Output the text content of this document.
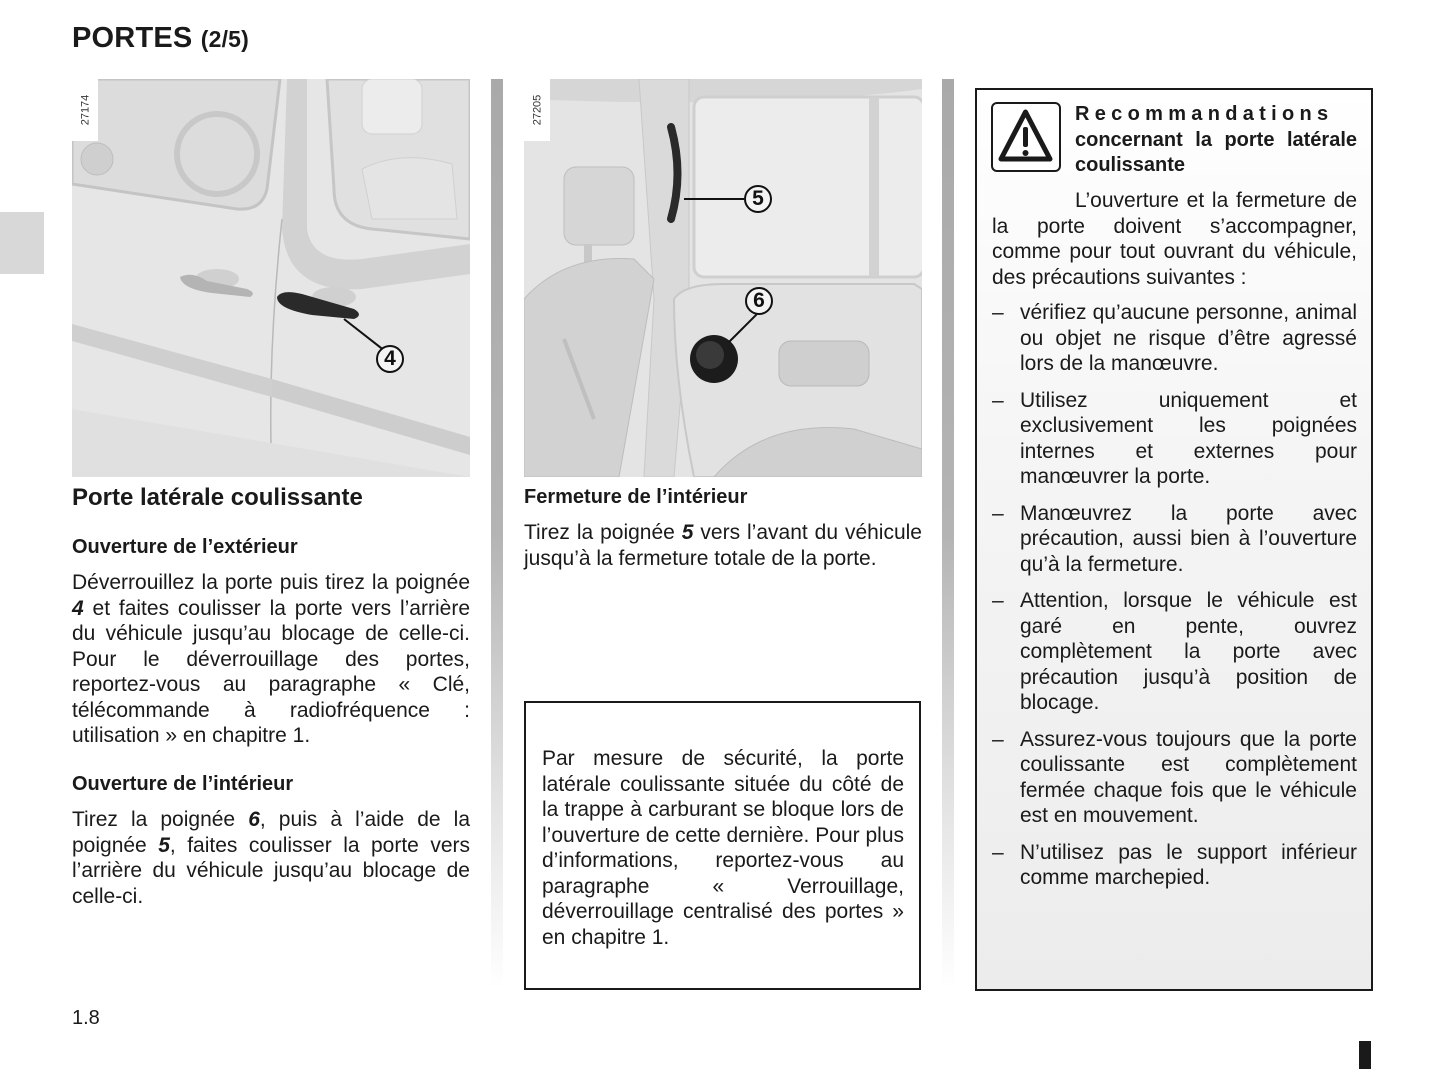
PORTES (2/5)
4
27174
5
6
27205
Porte latérale coulissante
Ouverture de l’extérieur
Déverrouillez la porte puis tirez la poignée 4 et faites coulisser la porte vers l’arrière du véhicule jusqu’au blocage de celle-ci. Pour le déverrouillage des portes, reportez-vous au paragraphe « Clé, télécommande à radiofréquence : utilisation » en chapitre 1.
Ouverture de l’intérieur
Tirez la poignée 6, puis à l’aide de la poignée 5, faites coulisser la porte vers l’arrière du véhicule jusqu’au blocage de celle-ci.
Fermeture de l’intérieur
Tirez la poignée 5 vers l’avant du véhicule jusqu’à la fermeture totale de la porte.
Par mesure de sécurité, la porte latérale coulissante située du côté de la trappe à carburant se bloque lors de l’ouverture de cette dernière. Pour plus d’informations, reportez-vous au paragraphe « Verrouillage, déverrouillage centralisé des portes » en chapitre 1.
Recommandations
concernant la porte latérale coulissante
L’ouverture et la fermeture de la porte doivent s’accompagner, comme pour tout ouvrant du véhicule, des précautions suivantes :
– vérifiez qu’aucune personne, animal ou objet ne risque d’être agressé lors de la manœuvre.
– Utilisez uniquement et exclusivement les poignées internes et externes pour manœuvrer la porte.
– Manœuvrez la porte avec précaution, aussi bien à l’ouverture qu’à la fermeture.
– Attention, lorsque le véhicule est garé en pente, ouvrez complètement la porte avec précaution jusqu’à position de blocage.
– Assurez-vous toujours que la porte coulissante est complètement fermée chaque fois que le véhicule est en mouvement.
– N’utilisez pas le support inférieur comme marchepied.
1.8
